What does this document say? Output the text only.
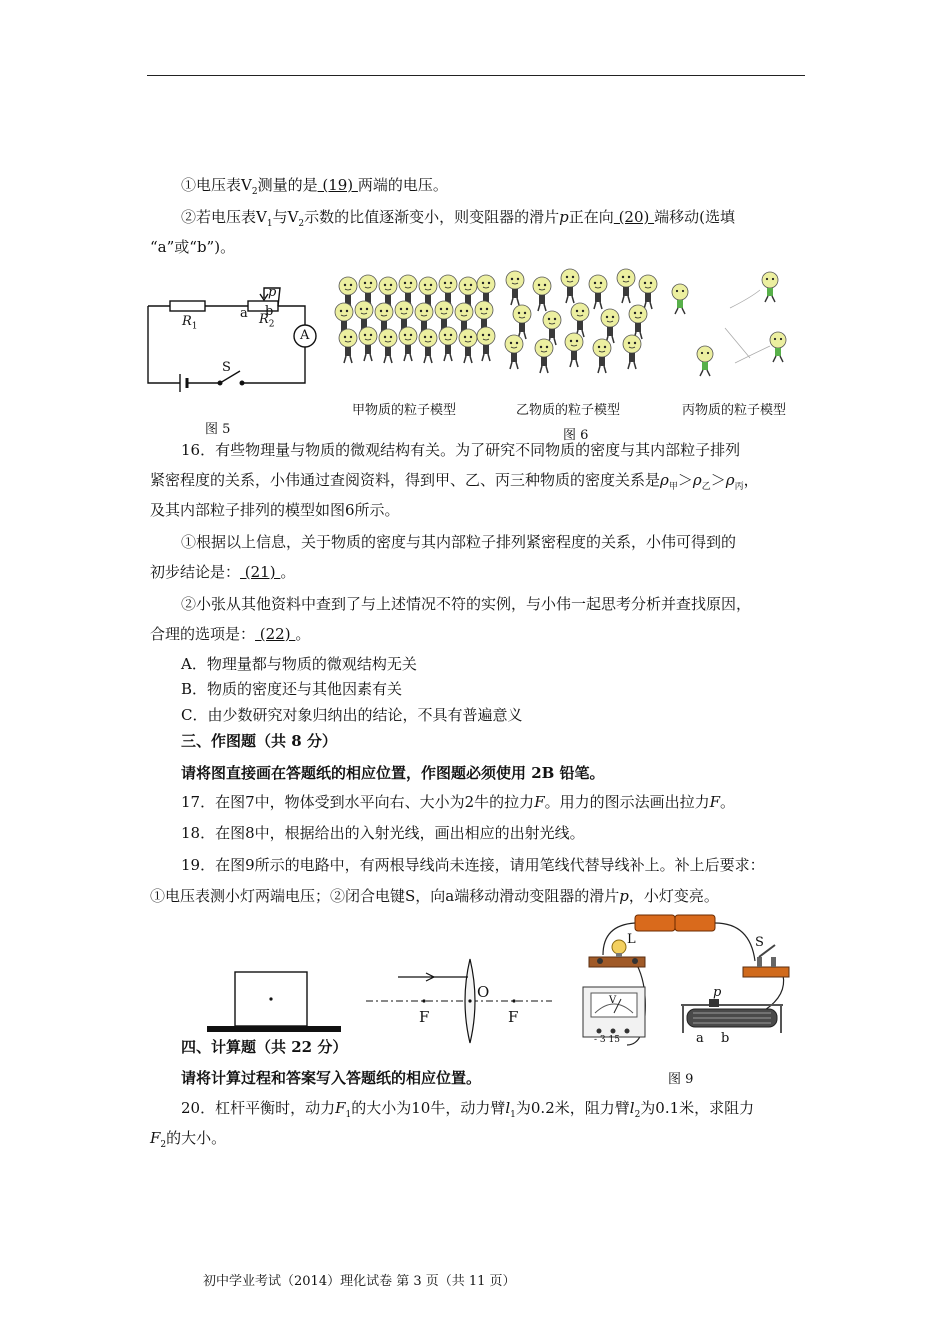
①电压表$V_2$测量的是 (19) 两端的电压。
②若电压表$V_1$与$V_2$示数的比值逐渐变小，则变阻器的滑片p正在向 (20) 端移动(选填
“a”或“b”)。
$R_1$	$R_2$
a b
p
A
S
图 5
甲物质的粒子模型	乙物质的粒子模型	丙物质的粒子模型
图 6
16．有些物理量与物质的微观结构有关。为了研究不同物质的密度与其内部粒子排列
紧密程度的关系，小伟通过查阅资料，得到甲、乙、丙三种物质的密度关系是$\rho_甲>\rho_乙>\rho_丙$，
及其内部粒子排列的模型如图6所示。
①根据以上信息，关于物质的密度与其内部粒子排列紧密程度的关系，小伟可得到的
初步结论是： (21) 。
②小张从其他资料中查到了与上述情况不符的实例，与小伟一起思考分析并查找原因，
合理的选项是： (22) 。
A．物理量都与物质的微观结构无关
B．物质的密度还与其他因素有关
C．由少数研究对象归纳出的结论，不具有普遍意义
三、作图题（共 8 分）
请将图直接画在答题纸的相应位置，作图题必须使用 2B 铅笔。
17．在图7中，物体受到水平向右、大小为2牛的拉力F。用力的图示法画出拉力F。
18．在图8中，根据给出的入射光线，画出相应的出射光线。
19．在图9所示的电路中，有两根导线尚未连接，请用笔线代替导线补上。补上后要求：
①电压表测小灯两端电压；②闭合电键S，向a端移动滑动变阻器的滑片p，小灯变亮。
O
F	F
L	S
p
V
- 3 15	a b
图 9
四、计算题（共 22 分）
请将计算过程和答案写入答题纸的相应位置。
20．杠杆平衡时，动力$F_1$的大小为10牛，动力臂$l_1$为0.2米，阻力臂$l_2$为0.1米，求阻力
$F_2$的大小。
初中学业考试（2014）理化试卷 第 3 页（共 11 页）
